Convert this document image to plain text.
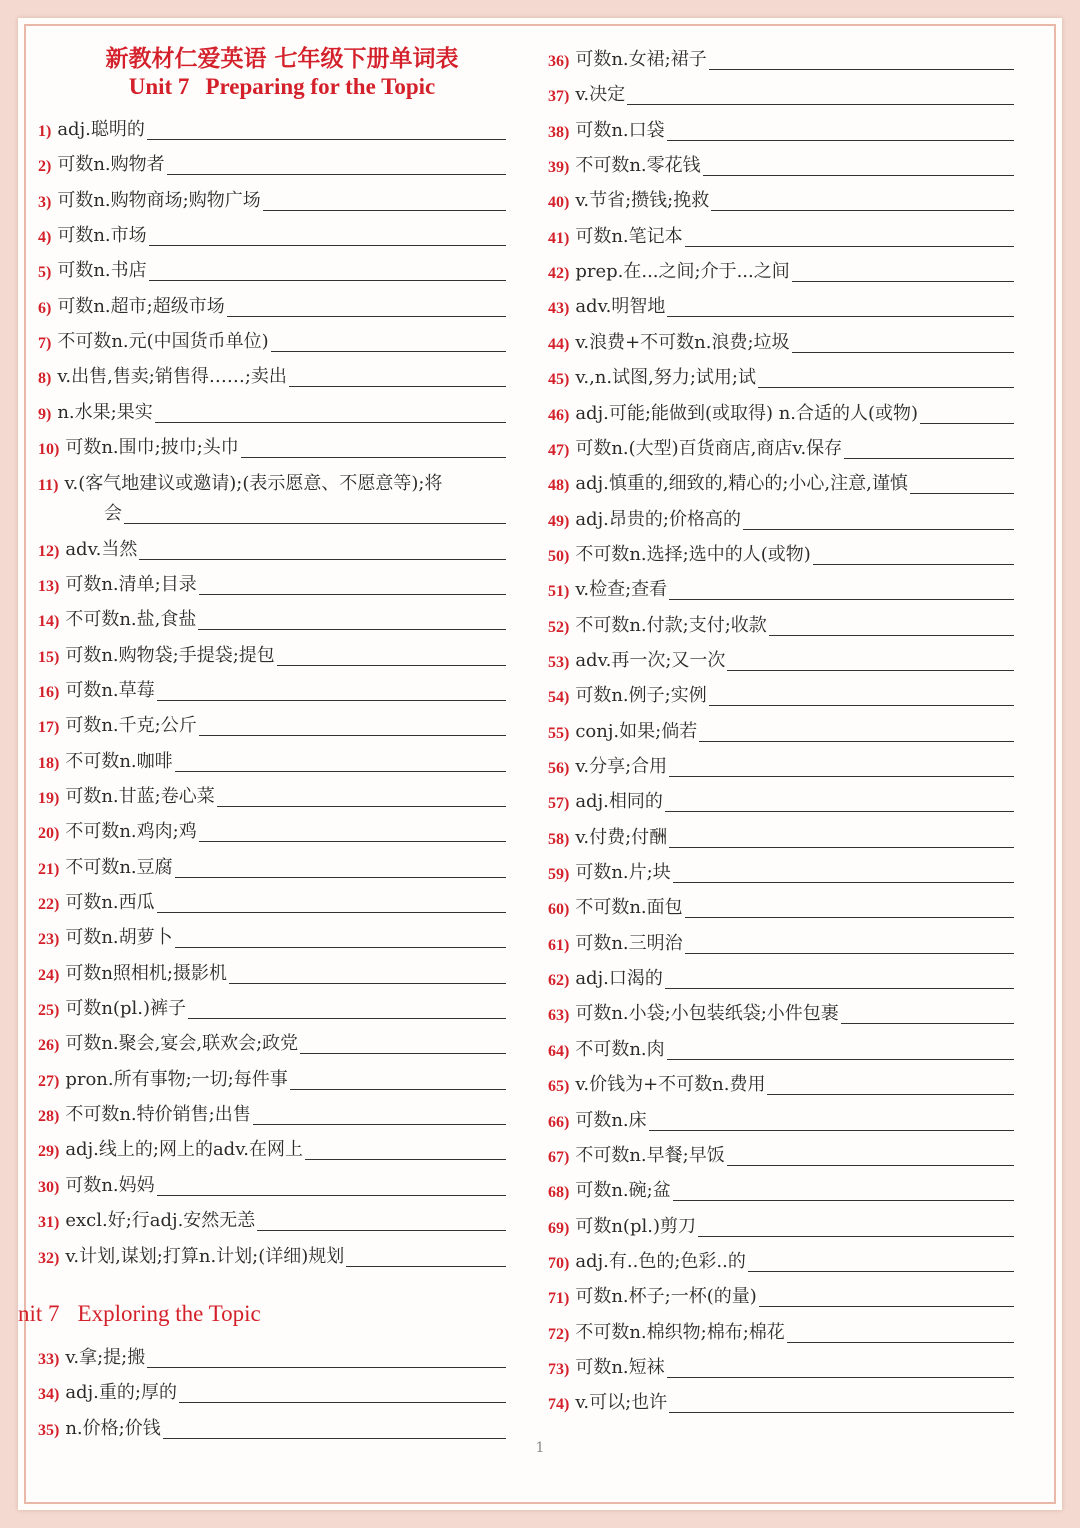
新教材仁爱英语 七年级下册单词表
Unit 7 Preparing for the Topic
nit 7 Exploring the Topic
1) adj.聪明的
2) 可数n.购物者
3) 可数n.购物商场;购物广场
4) 可数n.市场
5) 可数n.书店
6) 可数n.超市;超级市场
7) 不可数n.元(中国货币单位)
8) v.出售,售卖;销售得……;卖出
9) n.水果;果实
10) 可数n.围巾;披巾;头巾
11) v.(客气地建议或邀请);(表示愿意、不愿意等);将
会
12) adv.当然
13) 可数n.清单;目录
14) 不可数n.盐,食盐
15) 可数n.购物袋;手提袋;提包
16) 可数n.草莓
17) 可数n.千克;公斤
18) 不可数n.咖啡
19) 可数n.甘蓝;卷心菜
20) 不可数n.鸡肉;鸡
21) 不可数n.豆腐
22) 可数n.西瓜
23) 可数n.胡萝卜
24) 可数n照相机;摄影机
25) 可数n(pl.)裤子
26) 可数n.聚会,宴会,联欢会;政党
27) pron.所有事物;一切;每件事
28) 不可数n.特价销售;出售
29) adj.线上的;网上的adv.在网上
30) 可数n.妈妈
31) excl.好;行adj.安然无恙
32) v.计划,谋划;打算n.计划;(详细)规划
33) v.拿;提;搬
34) adj.重的;厚的
35) n.价格;价钱
36) 可数n.女裙;裙子
37) v.决定
38) 可数n.口袋
39) 不可数n.零花钱
40) v.节省;攒钱;挽救
41) 可数n.笔记本
42) prep.在...之间;介于...之间
43) adv.明智地
44) v.浪费+不可数n.浪费;垃圾
45) v.,n.试图,努力;试用;试
46) adj.可能;能做到(或取得) n.合适的人(或物)
47) 可数n.(大型)百货商店,商店v.保存
48) adj.慎重的,细致的,精心的;小心,注意,谨慎
49) adj.昂贵的;价格高的
50) 不可数n.选择;选中的人(或物)
51) v.检查;查看
52) 不可数n.付款;支付;收款
53) adv.再一次;又一次
54) 可数n.例子;实例
55) conj.如果;倘若
56) v.分享;合用
57) adj.相同的
58) v.付费;付酬
59) 可数n.片;块
60) 不可数n.面包
61) 可数n.三明治
62) adj.口渴的
63) 可数n.小袋;小包装纸袋;小件包裹
64) 不可数n.肉
65) v.价钱为+不可数n.费用
66) 可数n.床
67) 不可数n.早餐;早饭
68) 可数n.碗;盆
69) 可数n(pl.)剪刀
70) adj.有..色的;色彩..的
71) 可数n.杯子;一杯(的量)
72) 不可数n.棉织物;棉布;棉花
73) 可数n.短袜
74) v.可以;也许
1
